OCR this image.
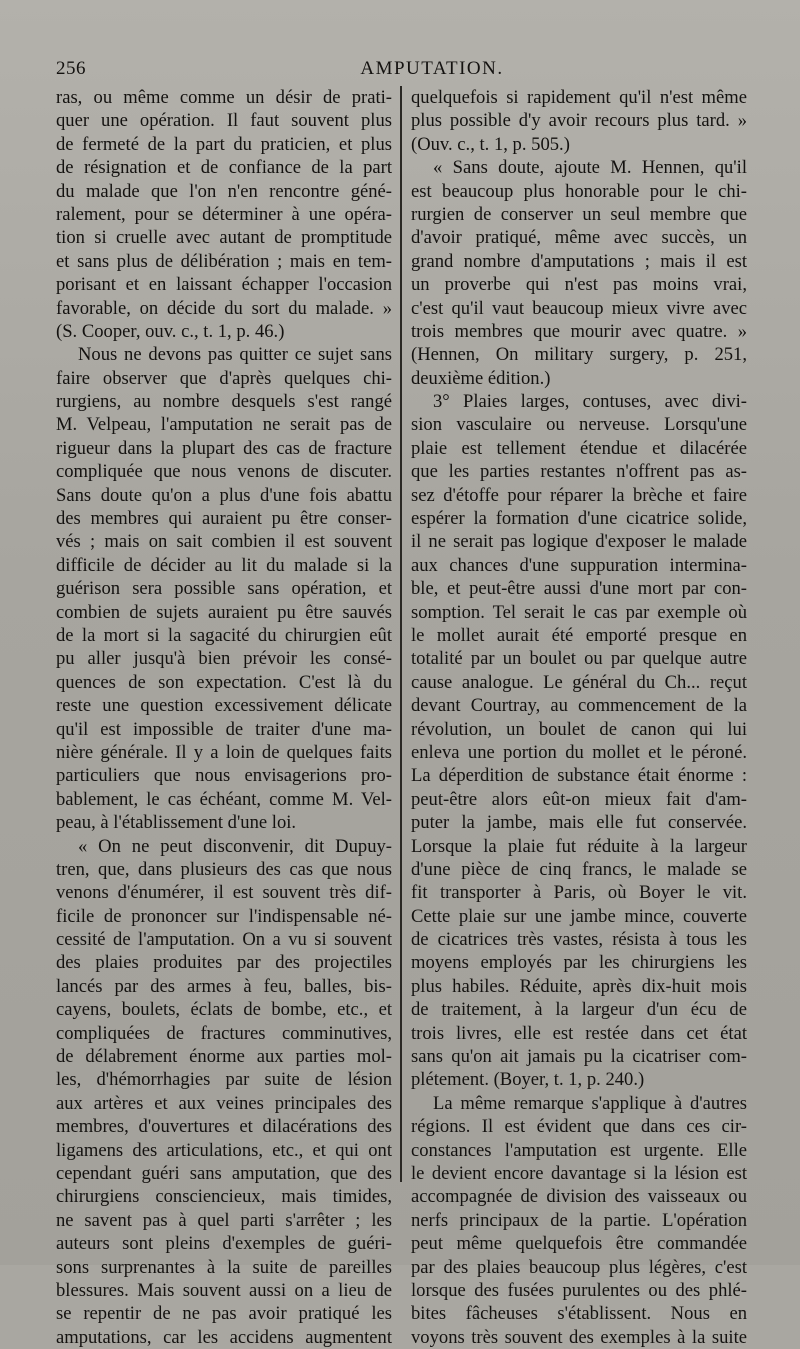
256	AMPUTATION.
ras, ou même comme un désir de prati-
quer une opération. Il faut souvent plus
de fermeté de la part du praticien, et plus
de résignation et de confiance de la part
du malade que l'on n'en rencontre géné-
ralement, pour se déterminer à une opéra-
tion si cruelle avec autant de promptitude
et sans plus de délibération ; mais en tem-
porisant et en laissant échapper l'occasion
favorable, on décide du sort du malade. »
(S. Cooper, ouv. c., t. 1, p. 46.)
Nous ne devons pas quitter ce sujet sans
faire observer que d'après quelques chi-
rurgiens, au nombre desquels s'est rangé
M. Velpeau, l'amputation ne serait pas de
rigueur dans la plupart des cas de fracture
compliquée que nous venons de discuter.
Sans doute qu'on a plus d'une fois abattu
des membres qui auraient pu être conser-
vés ; mais on sait combien il est souvent
difficile de décider au lit du malade si la
guérison sera possible sans opération, et
combien de sujets auraient pu être sauvés
de la mort si la sagacité du chirurgien eût
pu aller jusqu'à bien prévoir les consé-
quences de son expectation. C'est là du
reste une question excessivement délicate
qu'il est impossible de traiter d'une ma-
nière générale. Il y a loin de quelques faits
particuliers que nous envisagerions pro-
bablement, le cas échéant, comme M. Vel-
peau, à l'établissement d'une loi.
« On ne peut disconvenir, dit Dupuy-
tren, que, dans plusieurs des cas que nous
venons d'énumérer, il est souvent très dif-
ficile de prononcer sur l'indispensable né-
cessité de l'amputation. On a vu si souvent
des plaies produites par des projectiles
lancés par des armes à feu, balles, bis-
cayens, boulets, éclats de bombe, etc., et
compliquées de fractures comminutives,
de délabrement énorme aux parties mol-
les, d'hémorrhagies par suite de lésion
aux artères et aux veines principales des
membres, d'ouvertures et dilacérations des
ligamens des articulations, etc., et qui ont
cependant guéri sans amputation, que des
chirurgiens consciencieux, mais timides,
ne savent pas à quel parti s'arrêter ; les
auteurs sont pleins d'exemples de guéri-
sons surprenantes à la suite de pareilles
blessures. Mais souvent aussi on a lieu de
se repentir de ne pas avoir pratiqué les
amputations, car les accidens augmentent
quelquefois si rapidement qu'il n'est même
plus possible d'y avoir recours plus tard. »
(Ouv. c., t. 1, p. 505.)
« Sans doute, ajoute M. Hennen, qu'il
est beaucoup plus honorable pour le chi-
rurgien de conserver un seul membre que
d'avoir pratiqué, même avec succès, un
grand nombre d'amputations ; mais il est
un proverbe qui n'est pas moins vrai,
c'est qu'il vaut beaucoup mieux vivre avec
trois membres que mourir avec quatre. »
(Hennen, On military surgery, p. 251,
deuxième édition.)
3° Plaies larges, contuses, avec divi-
sion vasculaire ou nerveuse. Lorsqu'une
plaie est tellement étendue et dilacérée
que les parties restantes n'offrent pas as-
sez d'étoffe pour réparer la brèche et faire
espérer la formation d'une cicatrice solide,
il ne serait pas logique d'exposer le malade
aux chances d'une suppuration intermina-
ble, et peut-être aussi d'une mort par con-
somption. Tel serait le cas par exemple où
le mollet aurait été emporté presque en
totalité par un boulet ou par quelque autre
cause analogue. Le général du Ch... reçut
devant Courtray, au commencement de la
révolution, un boulet de canon qui lui
enleva une portion du mollet et le péroné.
La déperdition de substance était énorme :
peut-être alors eût-on mieux fait d'am-
puter la jambe, mais elle fut conservée.
Lorsque la plaie fut réduite à la largeur
d'une pièce de cinq francs, le malade se
fit transporter à Paris, où Boyer le vit.
Cette plaie sur une jambe mince, couverte
de cicatrices très vastes, résista à tous les
moyens employés par les chirurgiens les
plus habiles. Réduite, après dix-huit mois
de traitement, à la largeur d'un écu de
trois livres, elle est restée dans cet état
sans qu'on ait jamais pu la cicatriser com-
plétement. (Boyer, t. 1, p. 240.)
La même remarque s'applique à d'autres
régions. Il est évident que dans ces cir-
constances l'amputation est urgente. Elle
le devient encore davantage si la lésion est
accompagnée de division des vaisseaux ou
nerfs principaux de la partie. L'opération
peut même quelquefois être commandée
par des plaies beaucoup plus légères, c'est
lorsque des fusées purulentes ou des phlé-
bites fâcheuses s'établissent. Nous en
voyons très souvent des exemples à la suite
